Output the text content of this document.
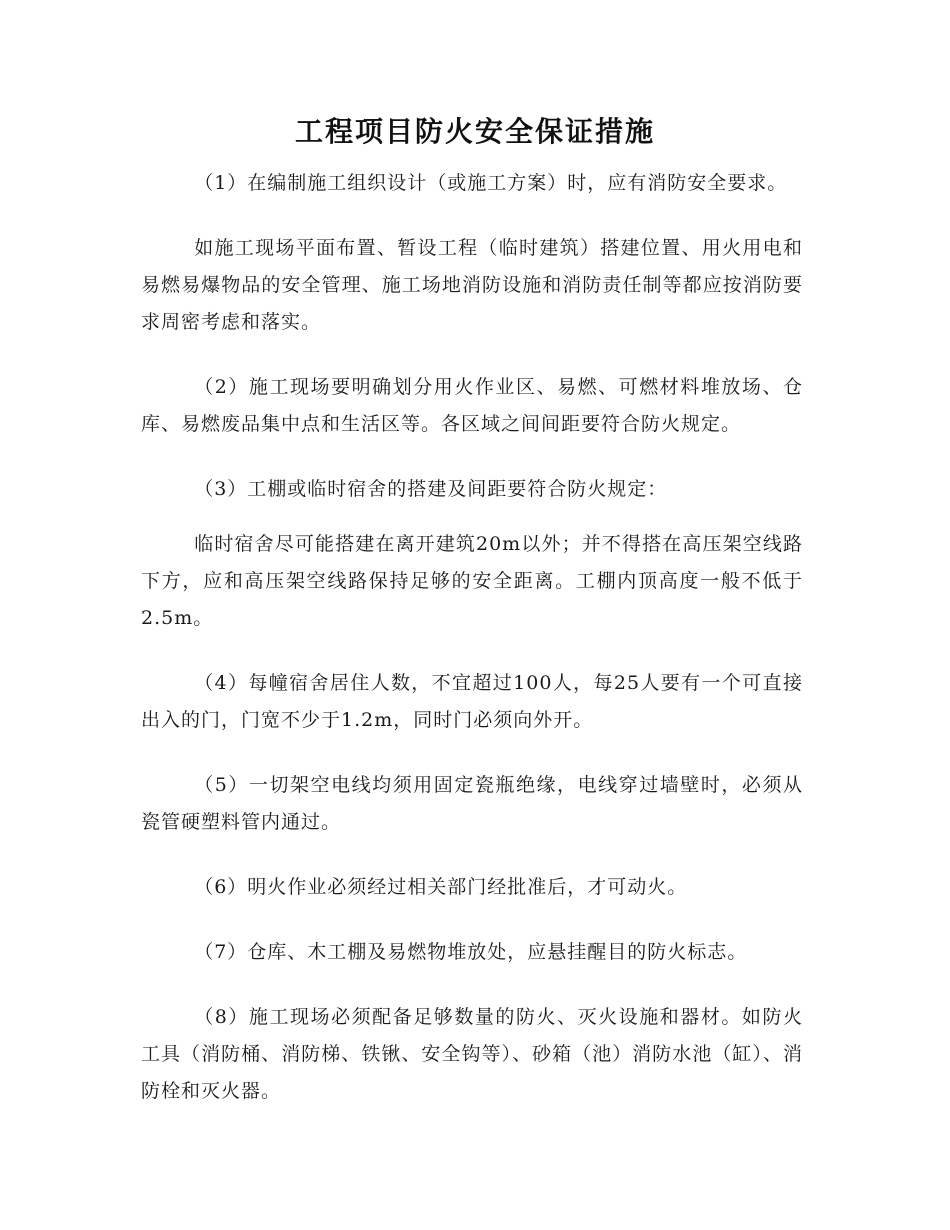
工程项目防火安全保证措施

（1）在编制施工组织设计（或施工方案）时，应有消防安全要求。

如施工现场平面布置、暂设工程（临时建筑）搭建位置、用火用电和易燃易爆物品的安全管理、施工场地消防设施和消防责任制等都应按消防要求周密考虑和落实。

（2）施工现场要明确划分用火作业区、易燃、可燃材料堆放场、仓库、易燃废品集中点和生活区等。各区域之间间距要符合防火规定。

（3）工棚或临时宿舍的搭建及间距要符合防火规定：

临时宿舍尽可能搭建在离开建筑20m以外；并不得搭在高压架空线路下方，应和高压架空线路保持足够的安全距离。工棚内顶高度一般不低于2.5m。

（4）每幢宿舍居住人数，不宜超过100人，每25人要有一个可直接出入的门，门宽不少于1.2m，同时门必须向外开。

（5）一切架空电线均须用固定瓷瓶绝缘，电线穿过墙壁时，必须从瓷管硬塑料管内通过。

（6）明火作业必须经过相关部门经批准后，才可动火。

（7）仓库、木工棚及易燃物堆放处，应悬挂醒目的防火标志。

（8）施工现场必须配备足够数量的防火、灭火设施和器材。如防火工具（消防桶、消防梯、铁锹、安全钩等）、砂箱（池）消防水池（缸）、消防栓和灭火器。
